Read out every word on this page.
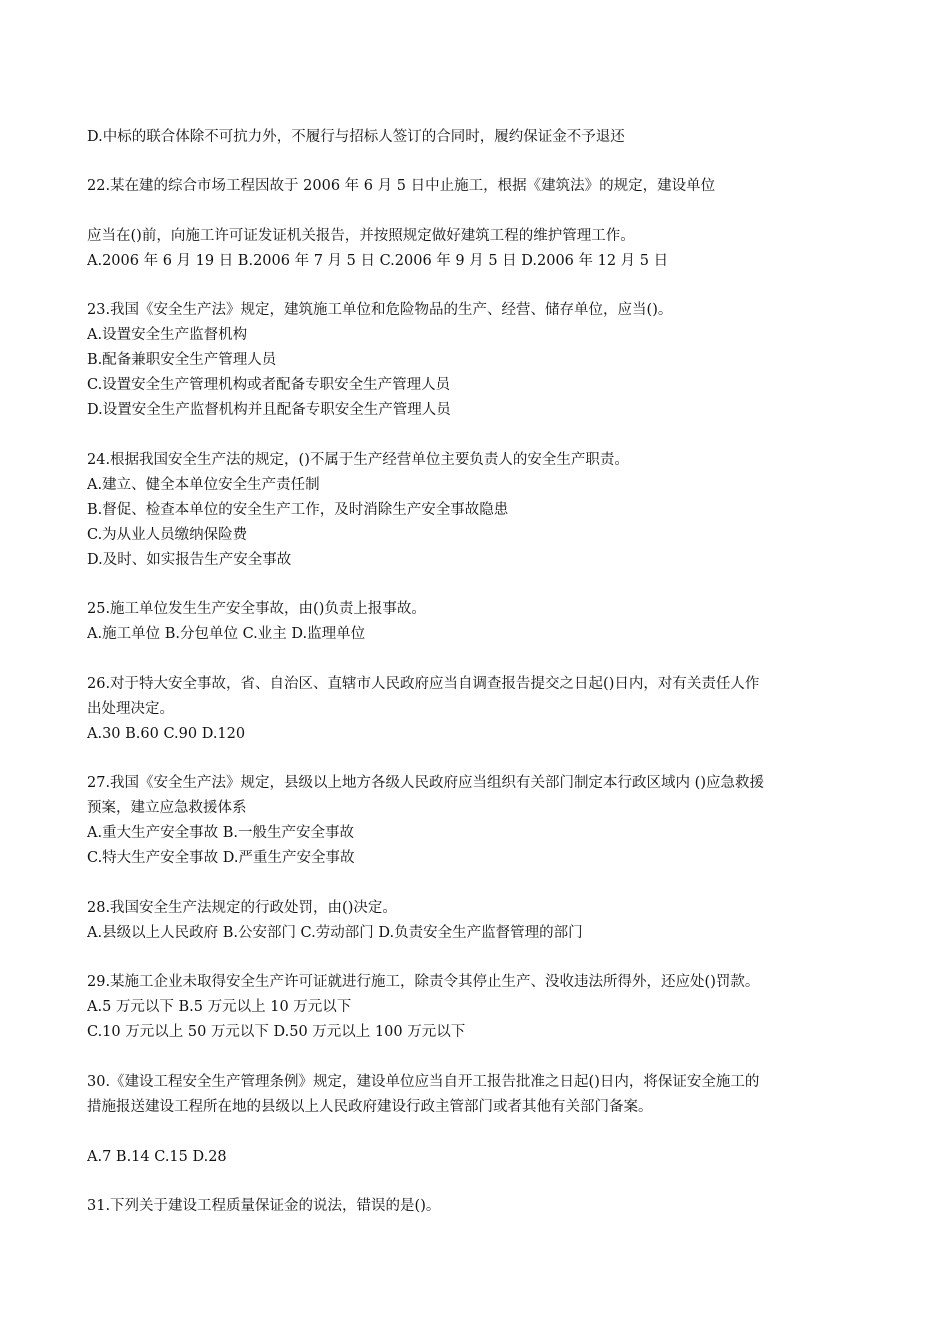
D.中标的联合体除不可抗力外，不履行与招标人签订的合同时，履约保证金不予退还
22.某在建的综合市场工程因故于 2006 年 6 月 5 日中止施工，根据《建筑法》的规定，建设单位
应当在()前，向施工许可证发证机关报告，并按照规定做好建筑工程的维护管理工作。
A.2006 年 6 月 19 日 B.2006 年 7 月 5 日 C.2006 年 9 月 5 日 D.2006 年 12 月 5 日
23.我国《安全生产法》规定，建筑施工单位和危险物品的生产、经营、储存单位，应当()。
A.设置安全生产监督机构
B.配备兼职安全生产管理人员
C.设置安全生产管理机构或者配备专职安全生产管理人员
D.设置安全生产监督机构并且配备专职安全生产管理人员
24.根据我国安全生产法的规定，()不属于生产经营单位主要负责人的安全生产职责。
A.建立、健全本单位安全生产责任制
B.督促、检查本单位的安全生产工作，及时消除生产安全事故隐患
C.为从业人员缴纳保险费
D.及时、如实报告生产安全事故
25.施工单位发生生产安全事故，由()负责上报事故。
A.施工单位 B.分包单位 C.业主 D.监理单位
26.对于特大安全事故，省、自治区、直辖市人民政府应当自调查报告提交之日起()日内，对有关责任人作
出处理决定。
A.30 B.60 C.90 D.120
27.我国《安全生产法》规定，县级以上地方各级人民政府应当组织有关部门制定本行政区域内 ()应急救援
预案，建立应急救援体系
A.重大生产安全事故 B.一般生产安全事故
C.特大生产安全事故 D.严重生产安全事故
28.我国安全生产法规定的行政处罚，由()决定。
A.县级以上人民政府 B.公安部门 C.劳动部门 D.负责安全生产监督管理的部门
29.某施工企业未取得安全生产许可证就进行施工，除责令其停止生产、没收违法所得外，还应处()罚款。
A.5 万元以下 B.5 万元以上 10 万元以下
C.10 万元以上 50 万元以下 D.50 万元以上 100 万元以下
30.《建设工程安全生产管理条例》规定，建设单位应当自开工报告批准之日起()日内，将保证安全施工的
措施报送建设工程所在地的县级以上人民政府建设行政主管部门或者其他有关部门备案。
A.7 B.14 C.15 D.28
31.下列关于建设工程质量保证金的说法，错误的是()。
